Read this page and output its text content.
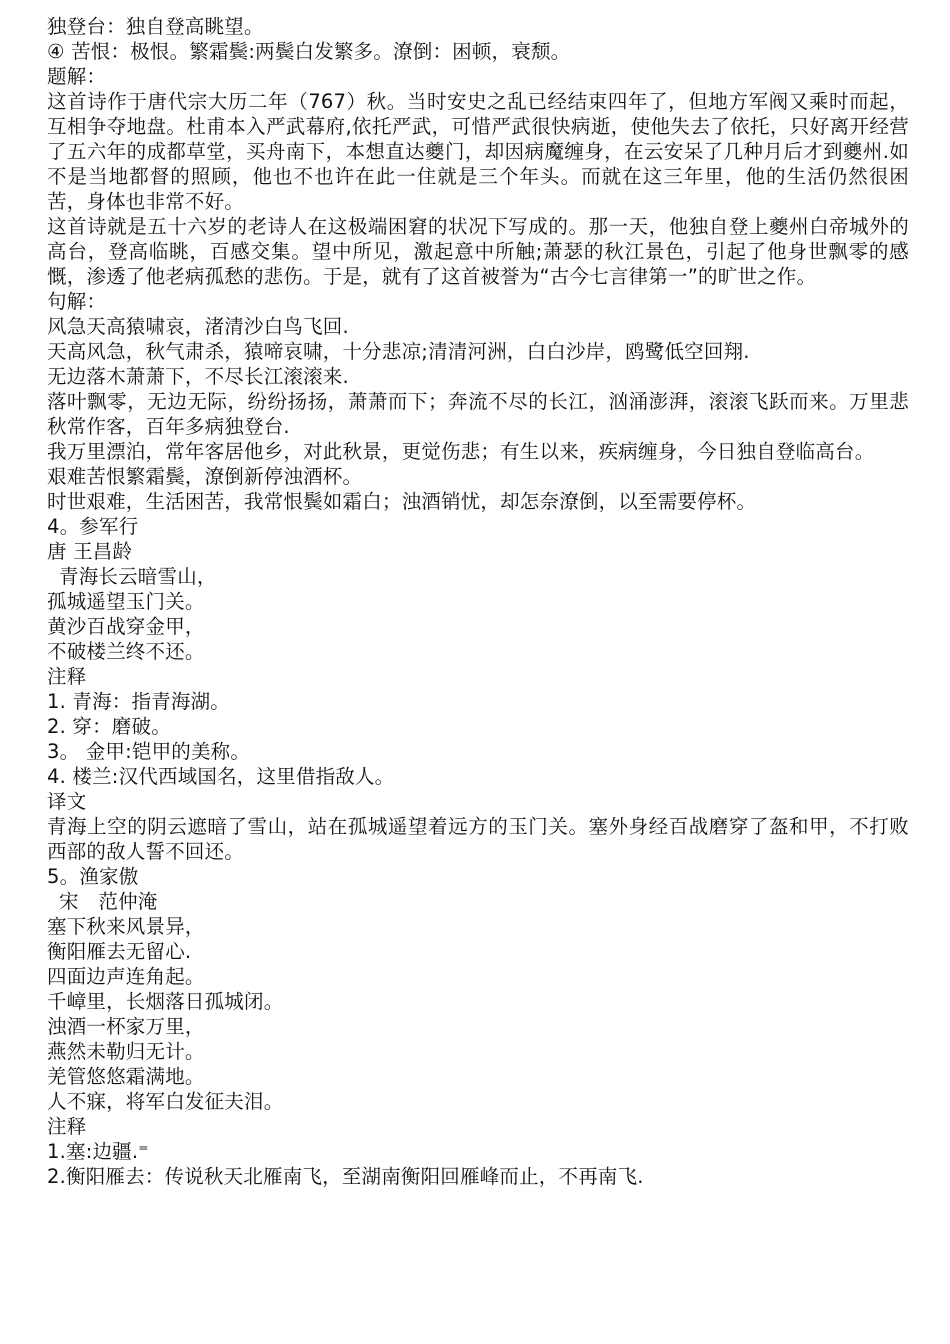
独登台：独自登高眺望。

④ 苦恨：极恨。繁霜鬓:两鬓白发繁多。潦倒：困顿，衰颓。

题解：

这首诗作于唐代宗大历二年（767）秋。当时安史之乱已经结束四年了，但地方军阀又乘时而起，互相争夺地盘。杜甫本入严武幕府,依托严武，可惜严武很快病逝，使他失去了依托，只好离开经营了五六年的成都草堂，买舟南下，本想直达夔门，却因病魔缠身，在云安呆了几种月后才到夔州.如不是当地都督的照顾，他也不也许在此一住就是三个年头。而就在这三年里，他的生活仍然很困苦，身体也非常不好。

这首诗就是五十六岁的老诗人在这极端困窘的状况下写成的。那一天，他独自登上夔州白帝城外的高台，登高临眺，百感交集。望中所见，激起意中所触;萧瑟的秋江景色，引起了他身世飘零的感慨，渗透了他老病孤愁的悲伤。于是，就有了这首被誉为“古今七言律第一”的旷世之作。

句解：

风急天高猿啸哀，渚清沙白鸟飞回.

天高风急，秋气肃杀，猿啼哀啸，十分悲凉;清清河洲，白白沙岸，鸥鹭低空回翔.

无边落木萧萧下，不尽长江滚滚来.

落叶飘零，无边无际，纷纷扬扬，萧萧而下；奔流不尽的长江，汹涌澎湃，滚滚飞跃而来。万里悲秋常作客，百年多病独登台.

我万里漂泊，常年客居他乡，对此秋景，更觉伤悲；有生以来，疾病缠身，今日独自登临高台。

艰难苦恨繁霜鬓，潦倒新停浊酒杯。

时世艰难，生活困苦，我常恨鬓如霜白；浊酒销忧，却怎奈潦倒，以至需要停杯。

4。参军行

唐 王昌龄

青海长云暗雪山，

孤城遥望玉门关。

黄沙百战穿金甲，

不破楼兰终不还。

注释

1. 青海：指青海湖。

2. 穿：磨破。

3。 金甲:铠甲的美称。

4. 楼兰:汉代西域国名，这里借指敌人。

译文

青海上空的阴云遮暗了雪山，站在孤城遥望着远方的玉门关。塞外身经百战磨穿了盔和甲，不打败西部的敌人誓不回还。

5。渔家傲

宋　范仲淹

塞下秋来风景异，

衡阳雁去无留心.

四面边声连角起。

千嶂里，长烟落日孤城闭。

浊酒一杯家万里，

燕然未勒归无计。

羌管悠悠霜满地。

人不寐，将军白发征夫泪。

注释

1.塞:边疆.⁼

2.衡阳雁去：传说秋天北雁南飞，至湖南衡阳回雁峰而止，不再南飞.
